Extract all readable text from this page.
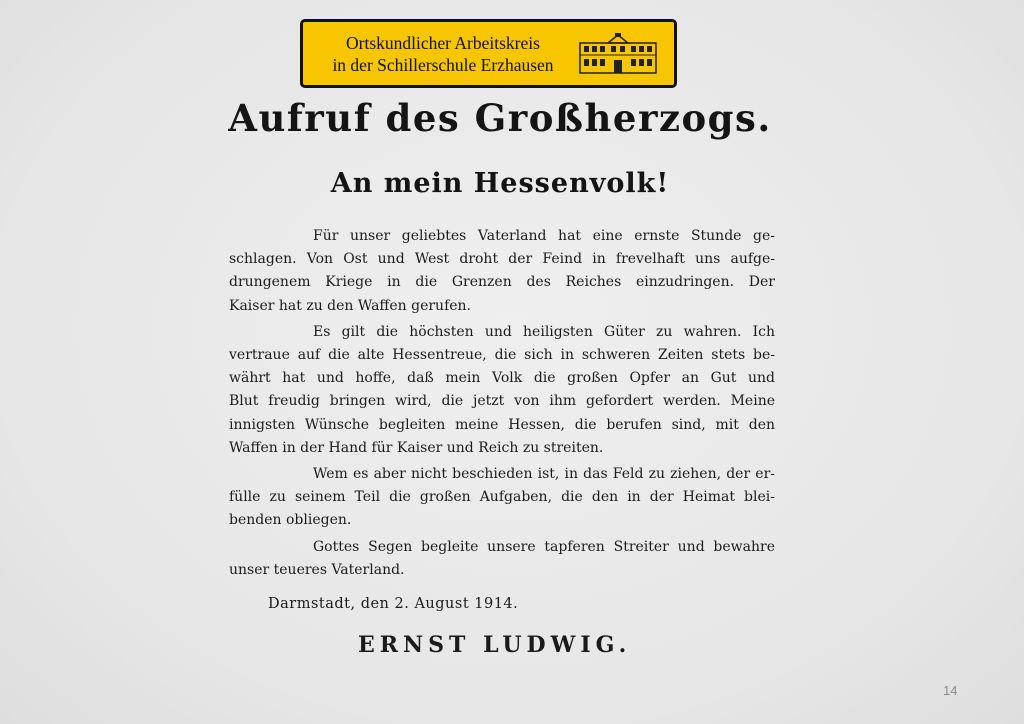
Ortskundlicher Arbeitskreis
in der Schillerschule Erzhausen
Aufruf des Großherzogs.
An mein Hessenvolk!
Für unser geliebtes Vaterland hat eine ernste Stunde ge-
schlagen. Von Ost und West droht der Feind in frevelhaft uns aufge-
drungenem Kriege in die Grenzen des Reiches einzudringen. Der
Kaiser hat zu den Waffen gerufen.
Es gilt die höchsten und heiligsten Güter zu wahren. Ich
vertraue auf die alte Hessentreue, die sich in schweren Zeiten stets be-
währt hat und hoffe, daß mein Volk die großen Opfer an Gut und
Blut freudig bringen wird, die jetzt von ihm gefordert werden. Meine
innigsten Wünsche begleiten meine Hessen, die berufen sind, mit den
Waffen in der Hand für Kaiser und Reich zu streiten.
Wem es aber nicht beschieden ist, in das Feld zu ziehen, der er-
fülle zu seinem Teil die großen Aufgaben, die den in der Heimat blei-
benden obliegen.
Gottes Segen begleite unsere tapferen Streiter und bewahre
unser teueres Vaterland.
Darmstadt, den 2. August 1914.
ERNST LUDWIG.
14
